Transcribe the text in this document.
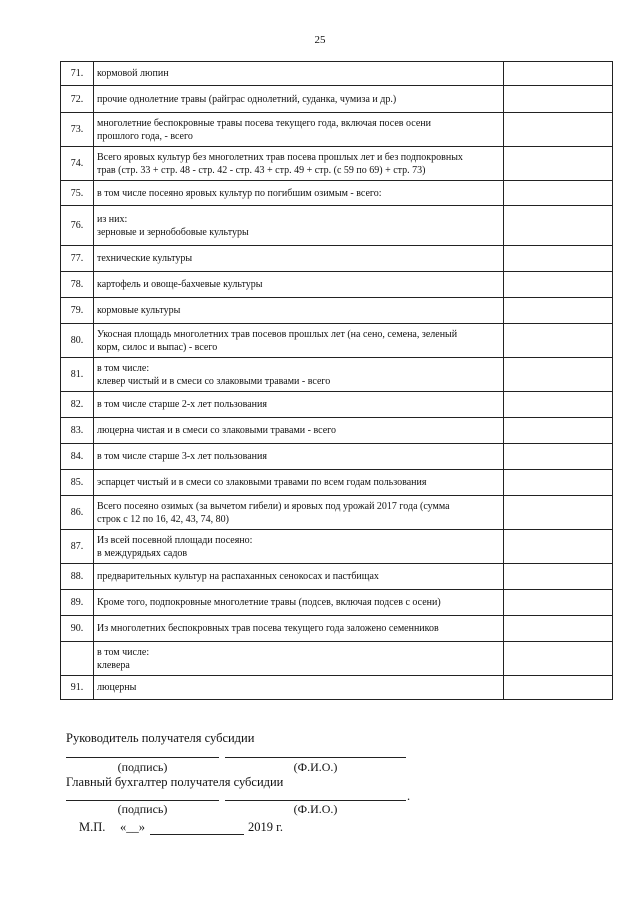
25
71.	кормовой люпин	

72.	прочие однолетние травы (райграс однолетний, суданка, чумиза и др.)	

73.	многолетние беспокровные травы посева текущего года, включая посев осени
прошлого года, - всего	

74.	Всего яровых культур без многолетних трав посева прошлых лет и без подпокровных
трав (стр. 33 + стр. 48 - стр. 42 - стр. 43 + стр. 49 + стр. (с 59 по 69) + стр. 73)	

75.	в том числе посеяно яровых культур по погибшим озимым - всего:	

76.	из них:
зерновые и зернобобовые культуры	

77.	технические культуры	

78.	картофель и овоще-бахчевые культуры	

79.	кормовые культуры	

80.	Укосная площадь многолетних трав посевов прошлых лет (на сено, семена, зеленый
корм, силос и выпас) - всего	

81.	в том числе:
клевер чистый и в смеси со злаковыми травами - всего	

82.	в том числе старше 2-х лет пользования	

83.	люцерна чистая и в смеси со злаковыми травами - всего	

84.	в том числе старше 3-х лет пользования	

85.	эспарцет чистый и в смеси со злаковыми травами по всем годам пользования	

86.	Всего посеяно озимых (за вычетом гибели) и яровых под урожай 2017 года (сумма
строк с 12 по 16, 42, 43, 74, 80)	

87.	Из всей посевной площади посеяно:
в междурядьях садов	

88.	предварительных культур на распаханных сенокосах и пастбищах	

89.	Кроме того, подпокровные многолетние травы (подсев, включая подсев с осени)	

90.	Из многолетних беспокровных трав посева текущего года заложено семенников	

	в том числе:
клевера	

91.	люцерны	

Руководитель получателя субсидии
(подпись)	(Ф.И.О.)
Главный бухгалтер получателя субсидии
.
(подпись)	(Ф.И.О.)
М.П. «__»	2019 г.
